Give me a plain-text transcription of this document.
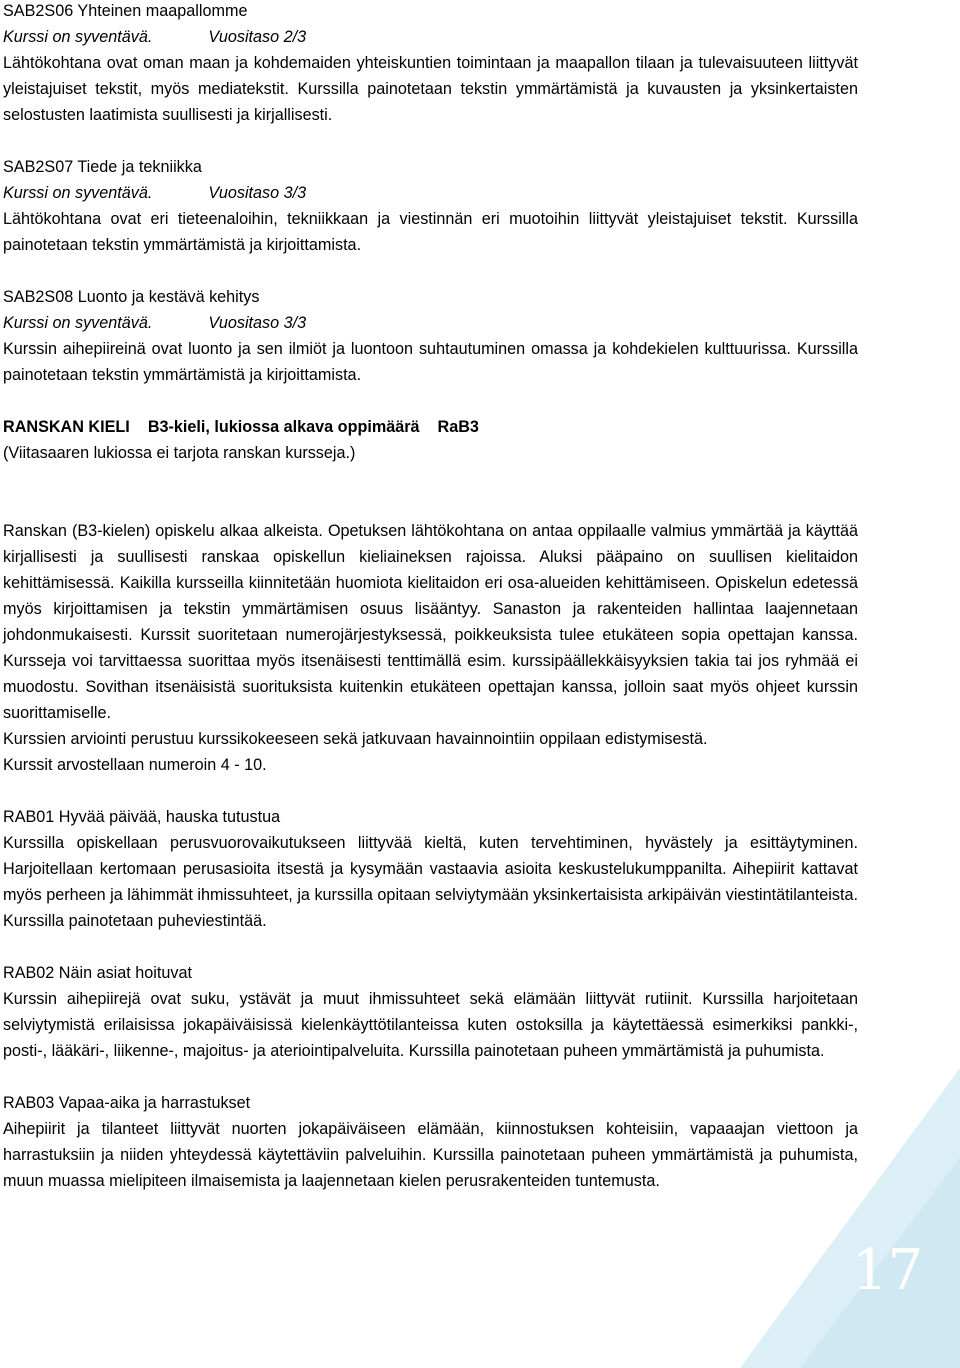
SAB2S06 Yhteinen maapallomme
Kurssi on syventävä.	Vuositaso 2/3
Lähtökohtana ovat oman maan ja kohdemaiden yhteiskuntien toimintaan ja maapallon tilaan ja tulevaisuuteen liittyvät yleistajuiset tekstit, myös mediatekstit. Kurssilla painotetaan tekstin ymmärtämistä ja kuvausten ja yksinkertaisten selostusten laatimista suullisesti ja kirjallisesti.
SAB2S07 Tiede ja tekniikka
Kurssi on syventävä.	Vuositaso 3/3
Lähtökohtana ovat eri tieteenaloihin, tekniikkaan ja viestinnän eri muotoihin liittyvät yleistajuiset tekstit. Kurssilla painotetaan tekstin ymmärtämistä ja kirjoittamista.
SAB2S08 Luonto ja kestävä kehitys
Kurssi on syventävä.	Vuositaso 3/3
Kurssin aihepiireinä ovat luonto ja sen ilmiöt ja luontoon suhtautuminen omassa ja kohdekielen kulttuurissa. Kurssilla painotetaan tekstin ymmärtämistä ja kirjoittamista.
RANSKAN KIELI B3-kieli, lukiossa alkava oppimäärä RaB3
(Viitasaaren lukiossa ei tarjota ranskan kursseja.)
Ranskan (B3-kielen) opiskelu alkaa alkeista. Opetuksen lähtökohtana on antaa oppilaalle valmius ymmärtää ja käyttää kirjallisesti ja suullisesti ranskaa opiskellun kieliaineksen rajoissa. Aluksi pääpaino on suullisen kielitaidon kehittämisessä. Kaikilla kursseilla kiinnitetään huomiota kielitaidon eri osa-alueiden kehittämiseen. Opiskelun edetessä myös kirjoittamisen ja tekstin ymmärtämisen osuus lisääntyy. Sanaston ja rakenteiden hallintaa laajennetaan johdonmukaisesti. Kurssit suoritetaan numerojärjestyksessä, poikkeuksista tulee etukäteen sopia opettajan kanssa. Kursseja voi tarvittaessa suorittaa myös itsenäisesti tenttimällä esim. kurssipäällekkäisyyksien takia tai jos ryhmää ei muodostu. Sovithan itsenäisistä suorituksista kuitenkin etukäteen opettajan kanssa, jolloin saat myös ohjeet kurssin suorittamiselle.
Kurssien arviointi perustuu kurssikokeeseen sekä jatkuvaan havainnointiin oppilaan edistymisestä.
Kurssit arvostellaan numeroin 4 - 10.
RAB01 Hyvää päivää, hauska tutustua
Kurssilla opiskellaan perusvuorovaikutukseen liittyvää kieltä, kuten tervehtiminen, hyvästely ja esittäytyminen. Harjoitellaan kertomaan perusasioita itsestä ja kysymään vastaavia asioita keskustelukumppanilta. Aihepiirit kattavat myös perheen ja lähimmät ihmissuhteet, ja kurssilla opitaan selviytymään yksinkertaisista arkipäivän viestintätilanteista. Kurssilla painotetaan puheviestintää.
RAB02 Näin asiat hoituvat
Kurssin aihepiirejä ovat suku, ystävät ja muut ihmissuhteet sekä elämään liittyvät rutiinit. Kurssilla harjoitetaan selviytymistä erilaisissa jokapäiväisissä kielenkäyttötilanteissa kuten ostoksilla ja käytettäessä esimerkiksi pankki-, posti-, lääkäri-, liikenne-, majoitus- ja ateriointipalveluita. Kurssilla painotetaan puheen ymmärtämistä ja puhumista.
RAB03 Vapaa-aika ja harrastukset
Aihepiirit ja tilanteet liittyvät nuorten jokapäiväiseen elämään, kiinnostuksen kohteisiin, vapaaajan viettoon ja harrastuksiin ja niiden yhteydessä käytettäviin palveluihin. Kurssilla painotetaan puheen ymmärtämistä ja puhumista, muun muassa mielipiteen ilmaisemista ja laajennetaan kielen perusrakenteiden tuntemusta.
17
